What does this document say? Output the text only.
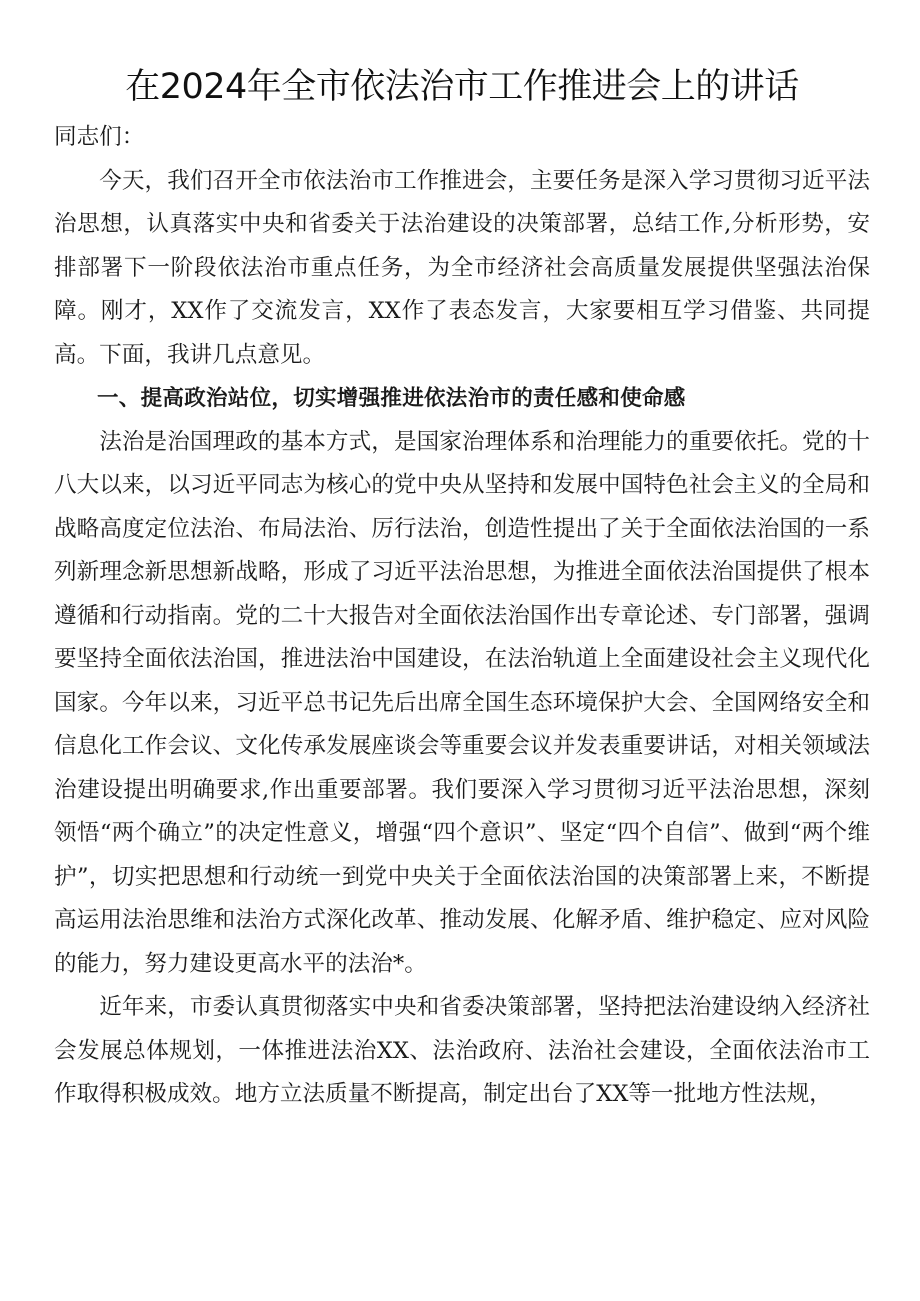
在2024年全市依法治市工作推进会上的讲话

同志们：

今天，我们召开全市依法治市工作推进会，主要任务是深入学习贯彻习近平法治思想，认真落实中央和省委关于法治建设的决策部署，总结工作,分析形势，安排部署下一阶段依法治市重点任务，为全市经济社会高质量发展提供坚强法治保障。刚才，XX作了交流发言，XX作了表态发言，大家要相互学习借鉴、共同提高。下面，我讲几点意见。

一、提高政治站位，切实增强推进依法治市的责任感和使命感

法治是治国理政的基本方式，是国家治理体系和治理能力的重要依托。党的十八大以来，以习近平同志为核心的党中央从坚持和发展中国特色社会主义的全局和战略高度定位法治、布局法治、厉行法治，创造性提出了关于全面依法治国的一系列新理念新思想新战略，形成了习近平法治思想，为推进全面依法治国提供了根本遵循和行动指南。党的二十大报告对全面依法治国作出专章论述、专门部署，强调要坚持全面依法治国，推进法治中国建设，在法治轨道上全面建设社会主义现代化国家。今年以来，习近平总书记先后出席全国生态环境保护大会、全国网络安全和信息化工作会议、文化传承发展座谈会等重要会议并发表重要讲话，对相关领域法治建设提出明确要求,作出重要部署。我们要深入学习贯彻习近平法治思想，深刻领悟“两个确立”的决定性意义，增强“四个意识”、坚定“四个自信”、做到“两个维护”，切实把思想和行动统一到党中央关于全面依法治国的决策部署上来，不断提高运用法治思维和法治方式深化改革、推动发展、化解矛盾、维护稳定、应对风险的能力，努力建设更高水平的法治*。

近年来，市委认真贯彻落实中央和省委决策部署，坚持把法治建设纳入经济社会发展总体规划，一体推进法治XX、法治政府、法治社会建设，全面依法治市工作取得积极成效。地方立法质量不断提高，制定出台了XX等一批地方性法规，
